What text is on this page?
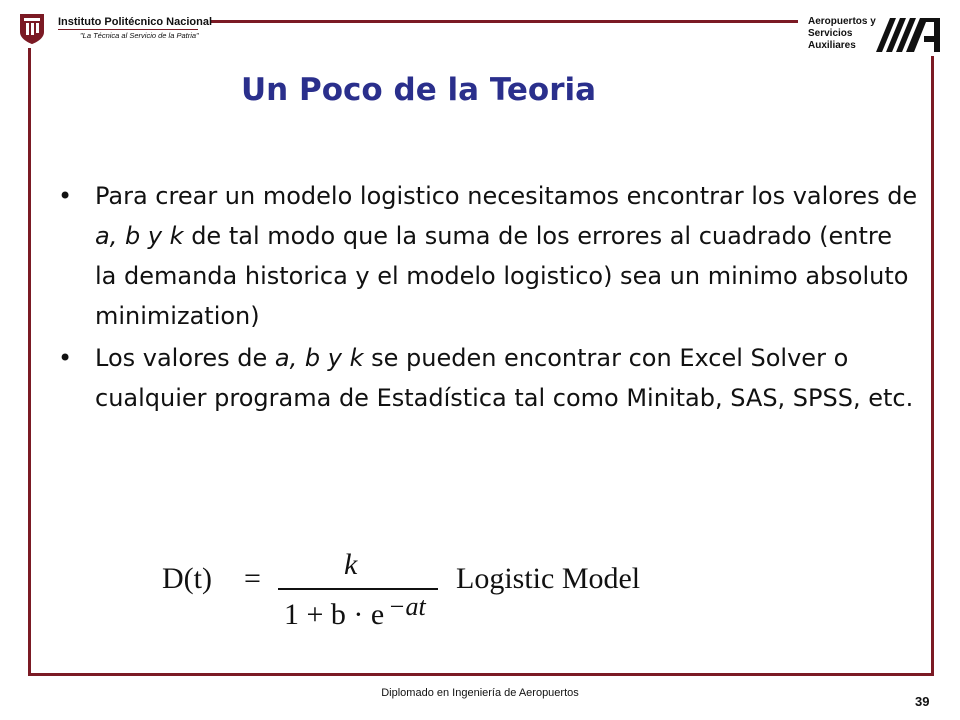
Instituto Politécnico Nacional
"La Técnica al Servicio de la Patria"
Aeropuertos y
Servicios
Auxiliares
Un Poco de la Teoria
• Para crear un modelo logistico necesitamos encontrar los valores de a, b y k de tal modo que la suma de los errores al cuadrado (entre la demanda historica y el modelo logistico) sea un minimo absoluto minimization)
• Los valores de a, b y k se pueden encontrar con Excel Solver o cualquier programa de Estadística tal como Minitab, SAS, SPSS, etc.
D(t) =	k
1 + b · e −at
Logistic Model
Diplomado en Ingeniería de Aeropuertos
39
